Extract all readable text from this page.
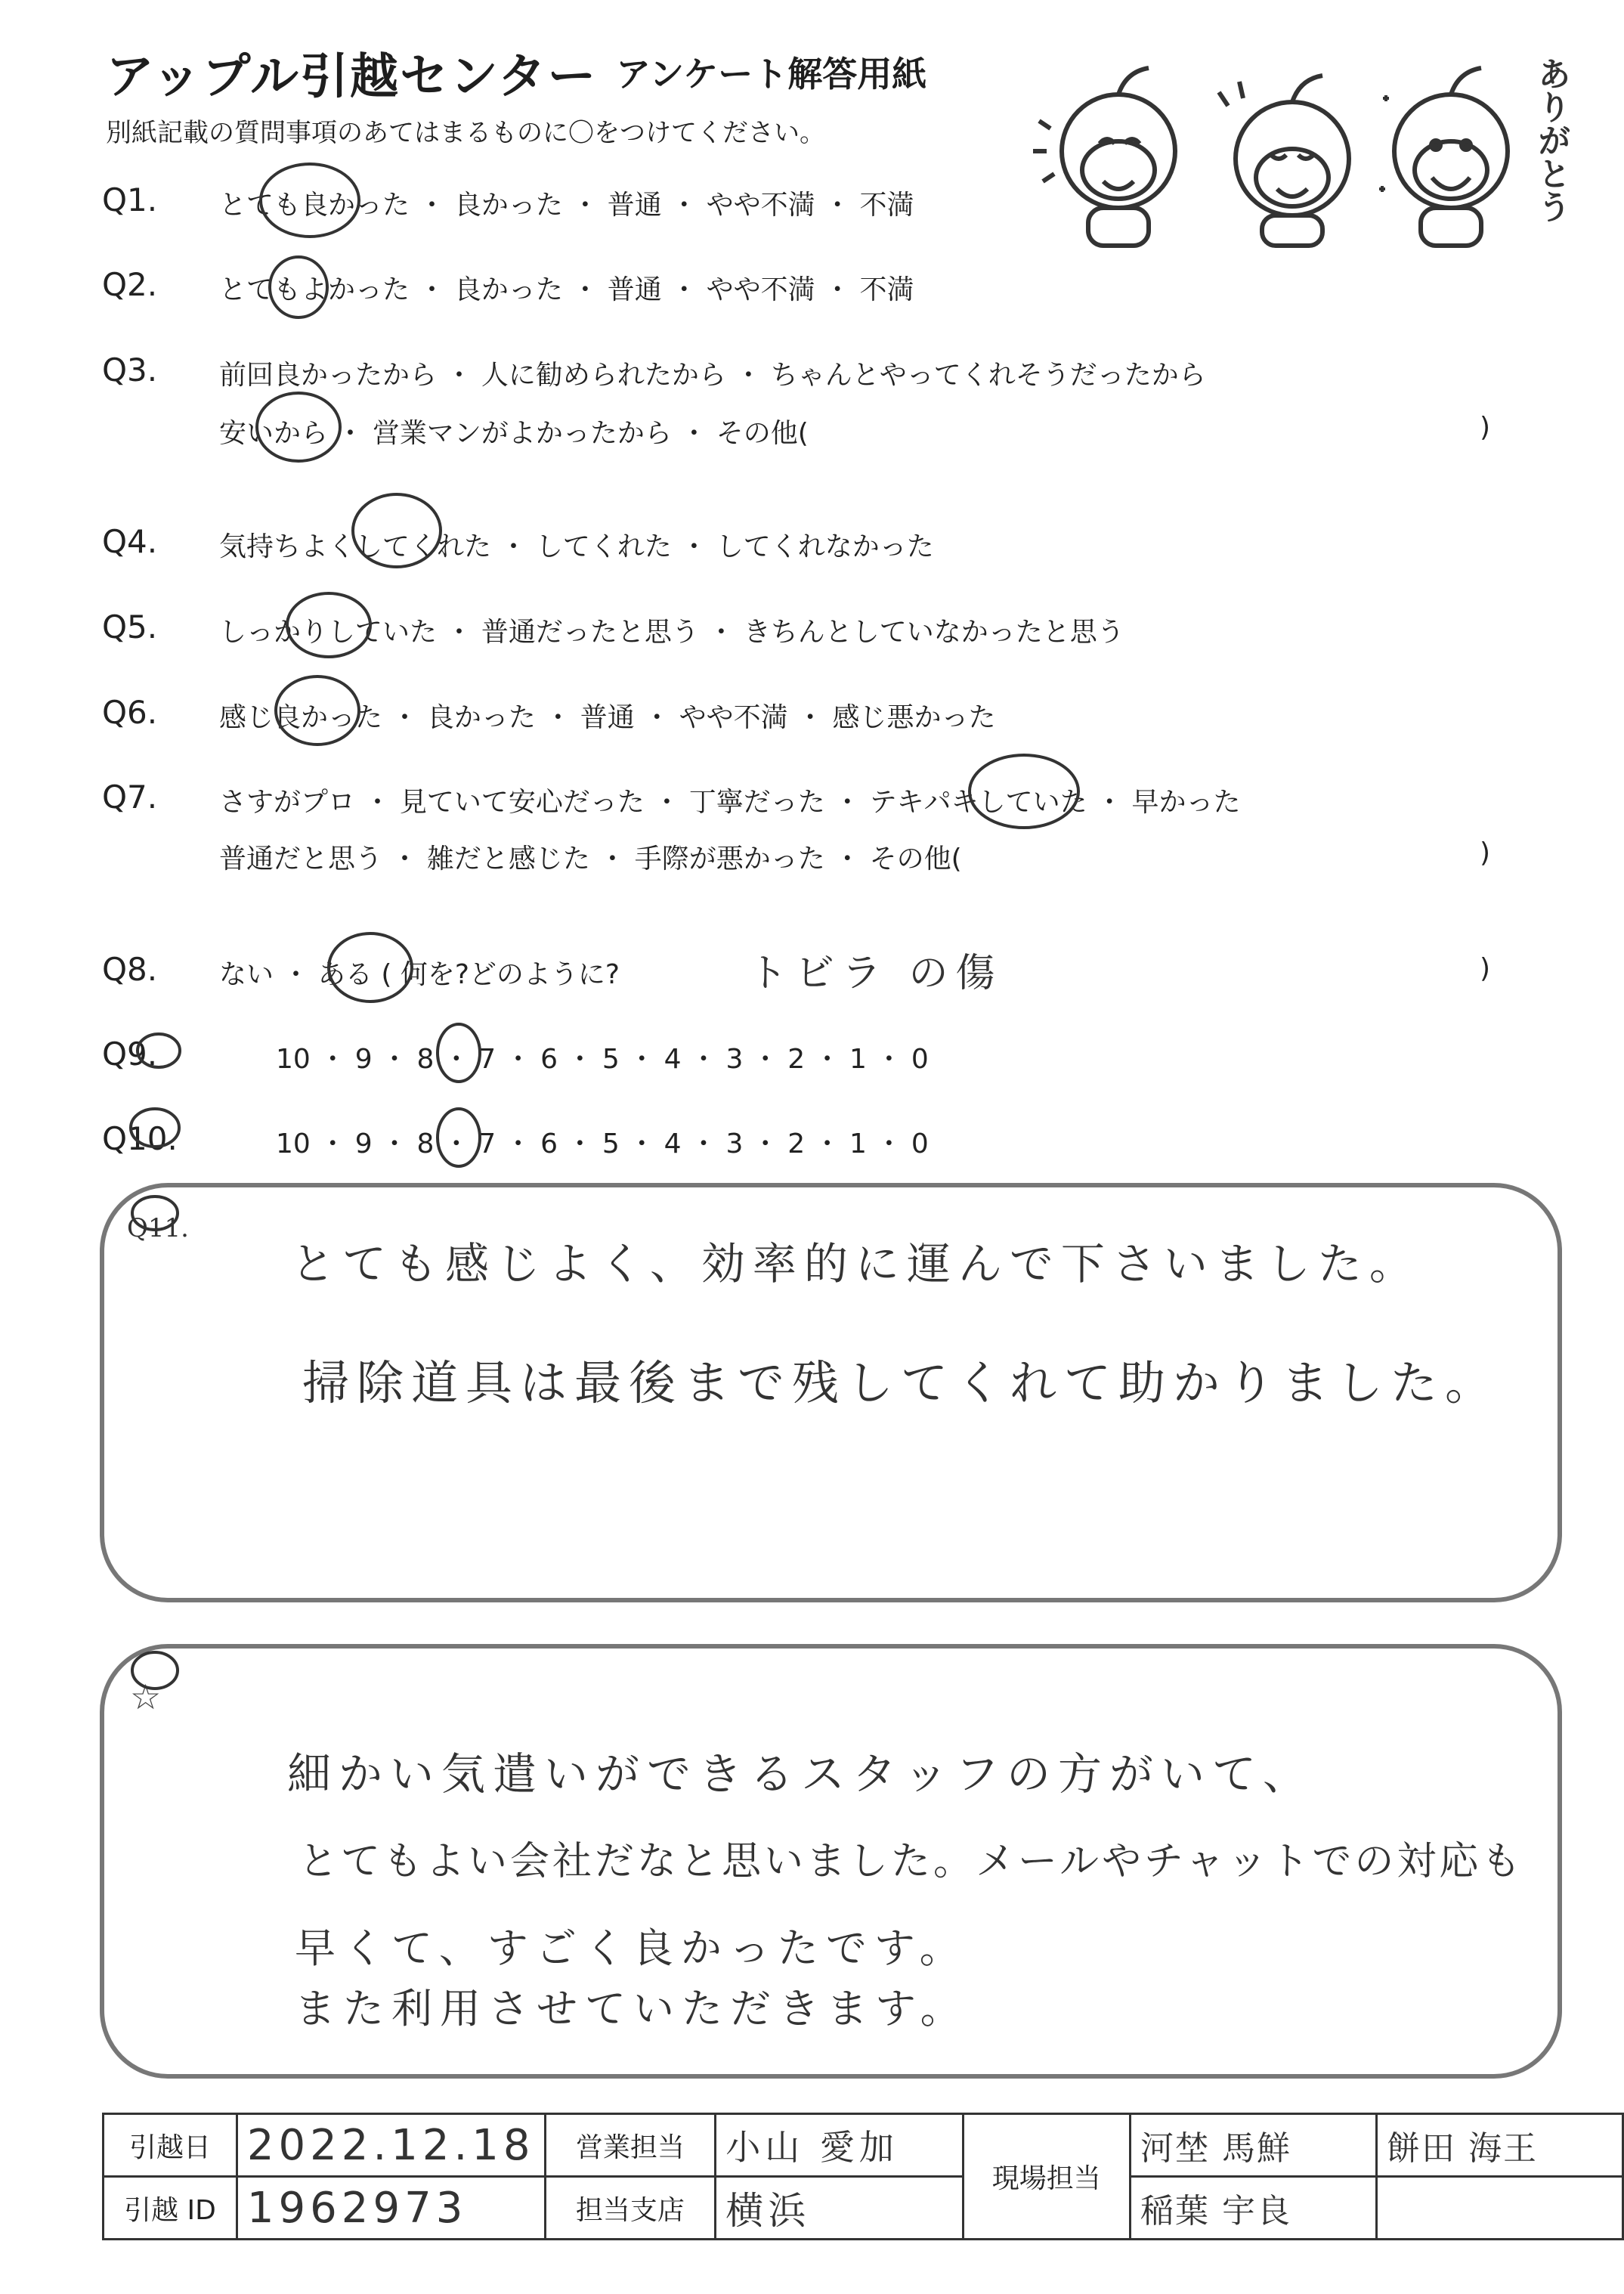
アップル引越センター アンケート解答用紙
別紙記載の質問事項のあてはまるものに〇をつけてください。	ありがとう
Q1. とても良かった ・ 良かった ・ 普通 ・ やや不満 ・ 不満
Q2. とてもよかった ・ 良かった ・ 普通 ・ やや不満 ・ 不満
Q3. 前回良かったから ・ 人に勧められたから ・ ちゃんとやってくれそうだったから
安いから ・ 営業マンがよかったから ・ その他(	)
Q4. 気持ちよくしてくれた ・ してくれた ・ してくれなかった
Q5. しっかりしていた ・ 普通だったと思う ・ きちんとしていなかったと思う
Q6. 感じ良かった ・ 良かった ・ 普通 ・ やや不満 ・ 感じ悪かった
Q7. さすがプロ ・ 見ていて安心だった ・ 丁寧だった ・ テキパキしていた ・ 早かった
普通だと思う ・ 雑だと感じた ・ 手際が悪かった ・ その他(	)
Q8. ない ・ ある ( 何を?どのように?	トビラ の傷	)
Q9.	10 ・ 9 ・ 8 ・ 7 ・ 6 ・ 5 ・ 4 ・ 3 ・ 2 ・ 1 ・ 0
Q10.	10 ・ 9 ・ 8 ・ 7 ・ 6 ・ 5 ・ 4 ・ 3 ・ 2 ・ 1 ・ 0
Q11.
とても感じよく、効率的に運んで下さいました。
掃除道具は最後まで残してくれて助かりました。
☆
細かい気遣いができるスタッフの方がいて、
とてもよい会社だなと思いました。メールやチャットでの対応も
早くて、すごく良かったです。
また利用させていただきます。
引越日	2022.12.18	営業担当	小山 愛加	現場担当	河埜 馬鮮	餅田 海王
引越 ID	1962973	担当支店	横浜		稲葉 宇良	
